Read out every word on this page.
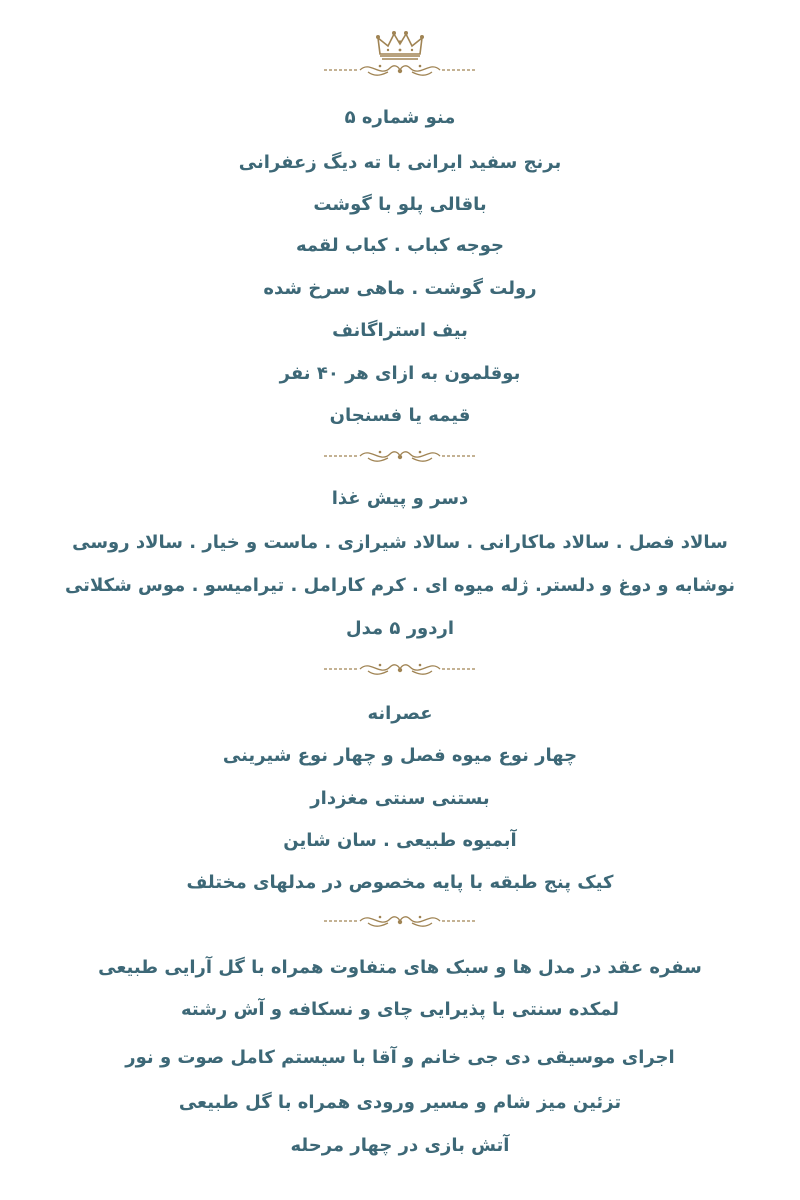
منو شماره ۵
برنج سفید ایرانی با ته دیگ زعفرانی
باقالی پلو با گوشت
جوجه کباب . کباب لقمه
رولت گوشت . ماهی سرخ شده
بیف استراگانف
بوقلمون به ازای هر ۴۰ نفر
قیمه یا فسنجان
دسر و پیش غذا
سالاد فصل . سالاد ماکارانی . سالاد شیرازی . ماست و خیار . سالاد روسی
نوشابه و دوغ و دلستر. ژله میوه ای . کرم کارامل . تیرامیسو . موس شکلاتی
اردور ۵ مدل
عصرانه
چهار نوع میوه فصل و چهار نوع شیرینی
بستنی سنتی مغزدار
آبمیوه طبیعی . سان شاین
کیک پنج طبقه با پایه مخصوص در مدلهای مختلف
سفره عقد در مدل ها و سبک های متفاوت همراه با گل آرایی طبیعی
لمکده سنتی با پذیرایی چای و نسکافه و آش رشته
اجرای موسیقی دی جی خانم و آقا با سیستم کامل صوت و نور
تزئین میز شام و مسیر ورودی همراه با گل طبیعی
آتش بازی در چهار مرحله
